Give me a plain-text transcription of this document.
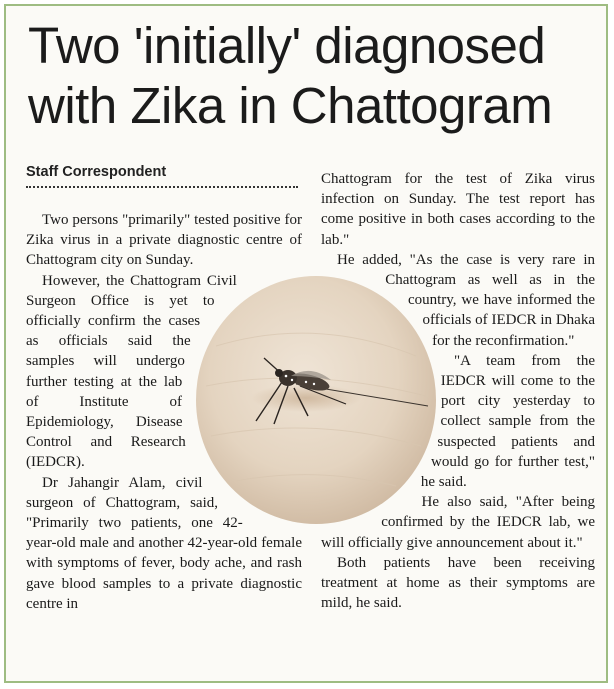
Two 'initially' diagnosed
with Zika in Chattogram
Staff Correspondent

Two persons "primarily" tested positive for Zika virus in a private diagnostic centre of Chattogram city on Sunday.

However, the Chattogram Civil Surgeon Office is yet to officially confirm the cases as officials said the samples will undergo further testing at the lab of Institute of Epidemiology, Disease Control and Research (IEDCR).

Dr Jahangir Alam, civil surgeon of Chattogram, said, "Primarily two patients, one 42-year-old male and another 42-year-old female with symptoms of fever, body ache, and rash gave blood samples to a private diagnostic centre in

Chattogram for the test of Zika virus infection on Sunday. The test report has come positive in both cases according to the lab."

He added, "As the case is very rare in Chattogram as well as in the country, we have informed the officials of IEDCR in Dhaka for the reconfirmation."

"A team from the IEDCR will come to the port city yesterday to collect sample from the suspected patients and would go for further test," he said.

He also said, "After being confirmed by the IEDCR lab, we will officially give announcement about it."

Both patients have been receiving treatment at home as their symptoms are mild, he said.
